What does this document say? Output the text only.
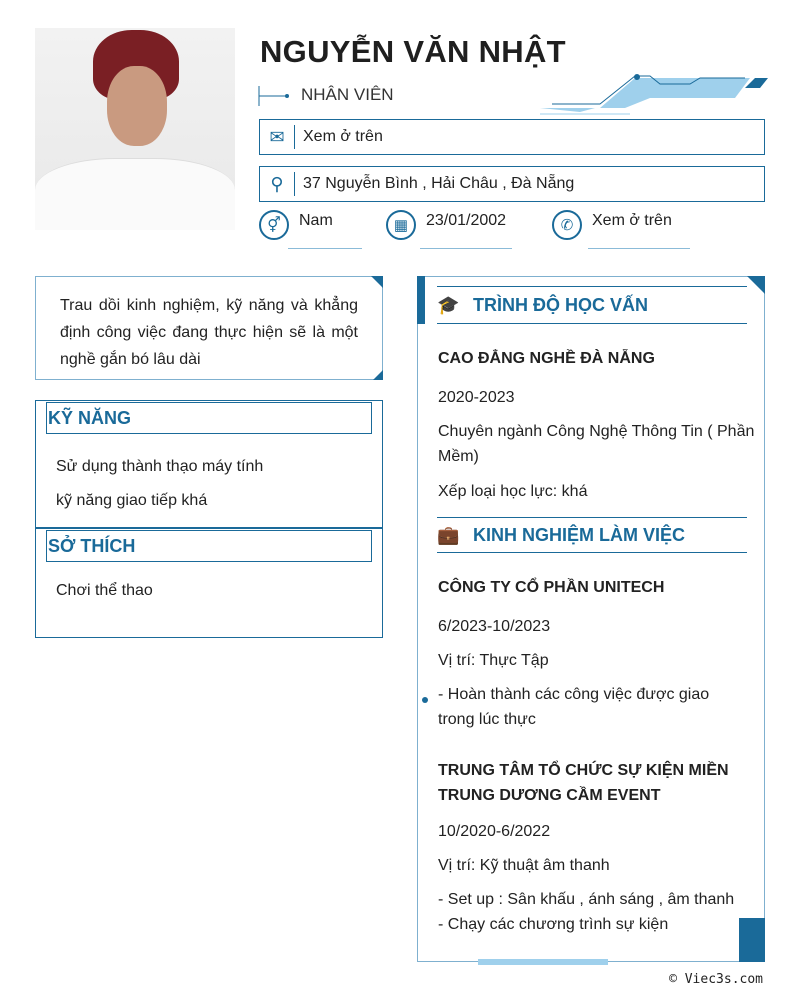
NGUYỄN VĂN NHẬT
NHÂN VIÊN
✉	Xem ở trên
⚲	37 Nguyễn Bình , Hải Châu , Đà Nẵng
⚥	Nam	▦	23/01/2002	✆	Xem ở trên

Trau dồi kinh nghiệm, kỹ năng và khẳng định công việc đang thực hiện sẽ là một nghề gắn bó lâu dài

KỸ NĂNG
Sử dụng thành thạo máy tính
kỹ năng giao tiếp khá
SỞ THÍCH
Chơi thể thao
🎓 TRÌNH ĐỘ HỌC VẤN
CAO ĐẲNG NGHỀ ĐÀ NẴNG
2020-2023
Chuyên ngành Công Nghệ Thông Tin ( Phần Mềm)
Xếp loại học lực: khá
💼 KINH NGHIỆM LÀM VIỆC
CÔNG TY CỔ PHẦN UNITECH
6/2023-10/2023
Vị trí: Thực Tập
- Hoàn thành các công việc được giao trong lúc thực
TRUNG TÂM TỔ CHỨC SỰ KIỆN MIỀN TRUNG DƯƠNG CẦM EVENT
10/2020-6/2022
Vị trí: Kỹ thuật âm thanh
- Set up : Sân khấu , ánh sáng , âm thanh - Chạy các chương trình sự kiện
© Viec3s.com
